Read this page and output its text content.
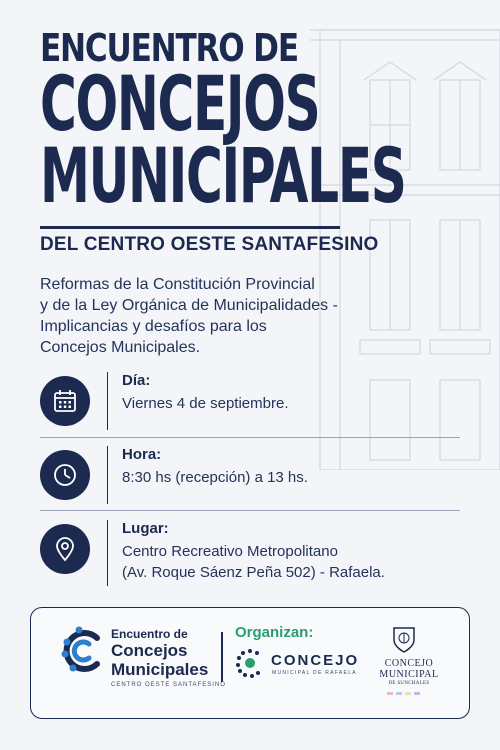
ENCUENTRO DE
CONCEJOS
MUNICIPALES
DEL CENTRO OESTE SANTAFESINO
Reformas de la Constitución Provincial
y de la Ley Orgánica de Municipalidades -
Implicancias y desafíos para los
Concejos Municipales.
Día:
Viernes 4 de septiembre.
Hora:
8:30 hs (recepción) a 13 hs.
Lugar:
Centro Recreativo Metropolitano
(Av. Roque Sáenz Peña 502) - Rafaela.
Encuentro de
Concejos
Municipales
CENTRO OESTE SANTAFESINO
Organizan:
CONCEJO
MUNICIPAL DE RAFAELA
CONCEJO
MUNICIPAL
DE SUNCHALES
